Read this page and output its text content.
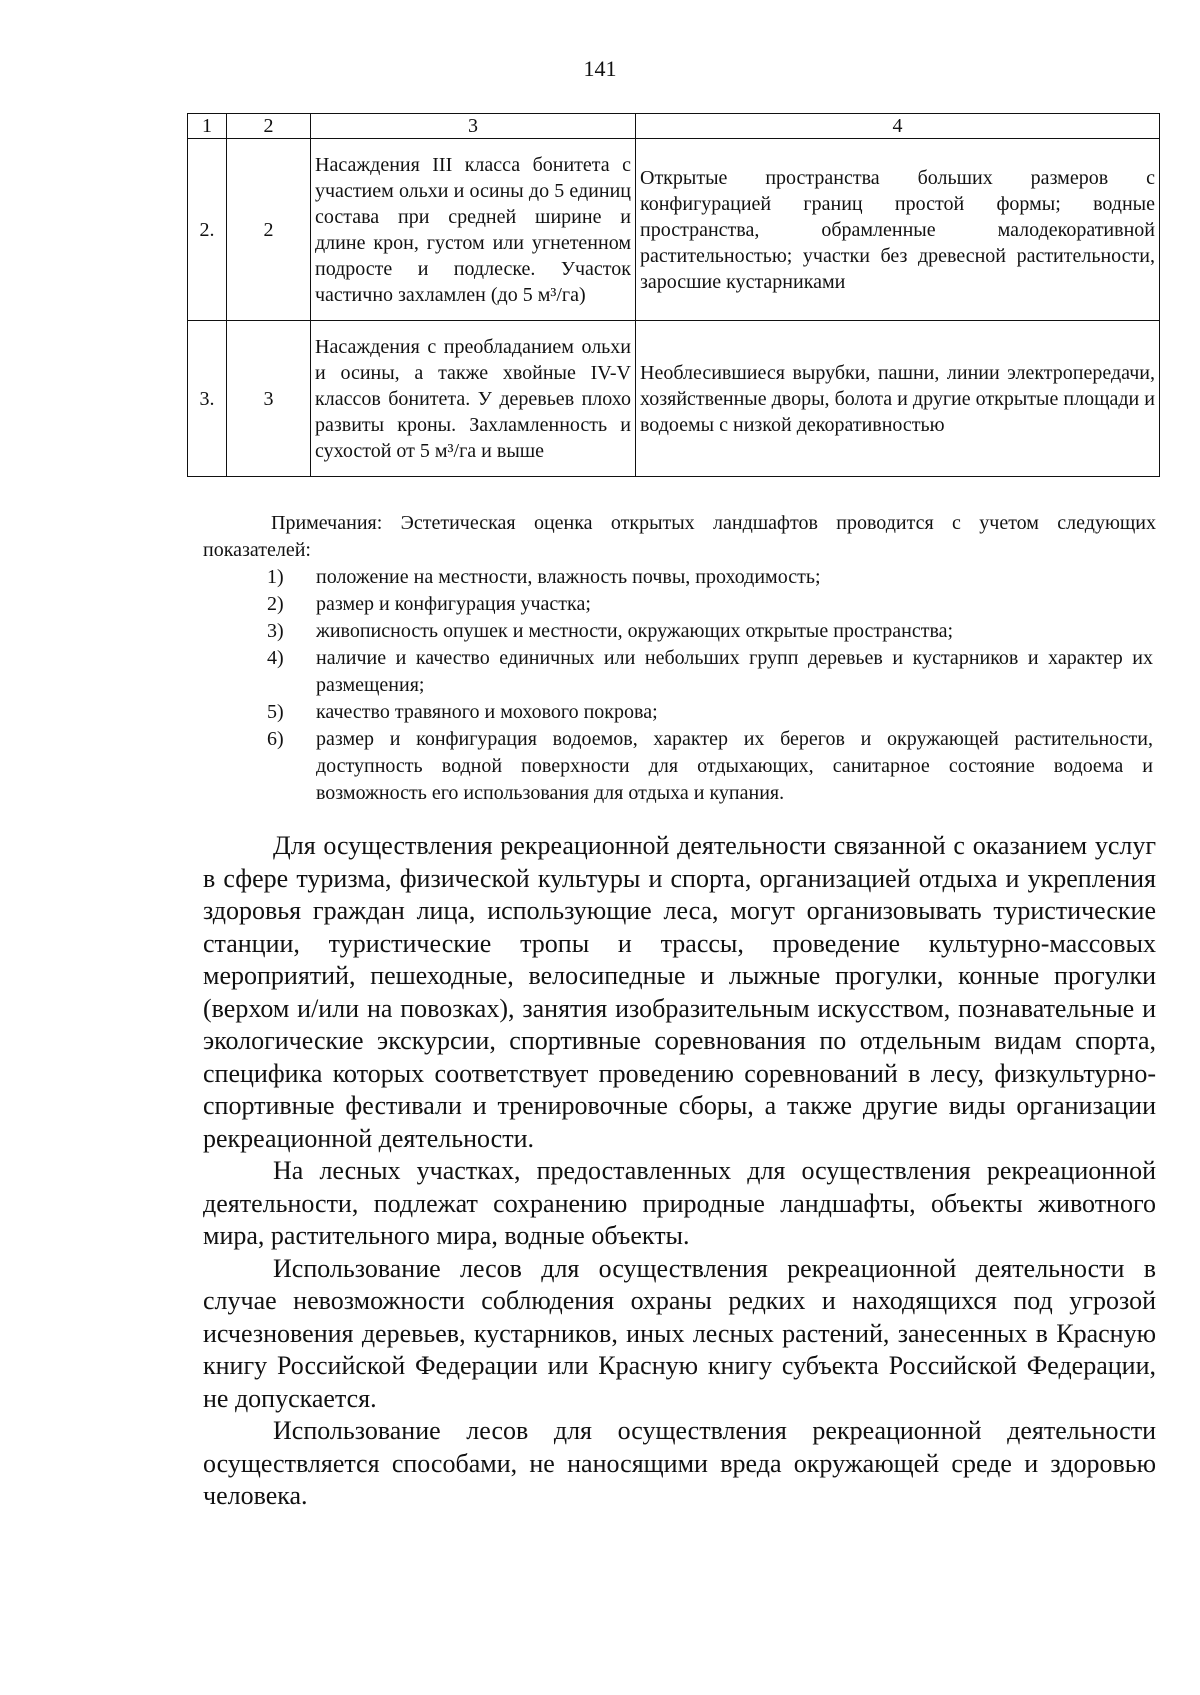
141
1	2	3	4
2.	2	Насаждения III класса бонитета с участием ольхи и осины до 5 единиц состава при средней ширине и длине крон, густом или угнетенном подросте и подлеске. Участок частично захламлен (до 5 м³/га)	Открытые пространства больших размеров с конфигурацией границ простой формы; водные пространства, обрамленные малодекоративной растительностью; участки без древесной растительности, заросшие кустарниками
3.	3	Насаждения с преобладанием ольхи и осины, а также хвойные IV-V классов бонитета. У деревьев плохо развиты кроны. Захламленность и сухостой от 5 м³/га и выше	Необлесившиеся вырубки, пашни, линии электропередачи, хозяйственные дворы, болота и другие открытые площади и водоемы с низкой декоративностью

Примечания: Эстетическая оценка открытых ландшафтов проводится с учетом следующих показателей:

1) положение на местности, влажность почвы, проходимость;
2) размер и конфигурация участка;
3) живописность опушек и местности, окружающих открытые пространства;
4) наличие и качество единичных или небольших групп деревьев и кустарников и характер их размещения;
5) качество травяного и мохового покрова;
6) размер и конфигурация водоемов, характер их берегов и окружающей растительности, доступность водной поверхности для отдыхающих, санитарное состояние водоема и возможность его использования для отдыха и купания.

Для осуществления рекреационной деятельности связанной с оказанием услуг в сфере туризма, физической культуры и спорта, организацией отдыха и укрепления здоровья граждан лица, использующие леса, могут организовывать туристические станции, туристические тропы и трассы, проведение культурно-массовых мероприятий, пешеходные, велосипедные и лыжные прогулки, конные прогулки (верхом и/или на повозках), занятия изобразительным искусством, познавательные и экологические экскурсии, спортивные соревнования по отдельным видам спорта, специфика которых соответствует проведению соревнований в лесу, физкультурно-спортивные фестивали и тренировочные сборы, а также другие виды организации рекреационной деятельности.

На лесных участках, предоставленных для осуществления рекреационной деятельности, подлежат сохранению природные ландшафты, объекты животного мира, растительного мира, водные объекты.

Использование лесов для осуществления рекреационной деятельности в случае невозможности соблюдения охраны редких и находящихся под угрозой исчезновения деревьев, кустарников, иных лесных растений, занесенных в Красную книгу Российской Федерации или Красную книгу субъекта Российской Федерации, не допускается.

Использование лесов для осуществления рекреационной деятельности осуществляется способами, не наносящими вреда окружающей среде и здоровью человека.
